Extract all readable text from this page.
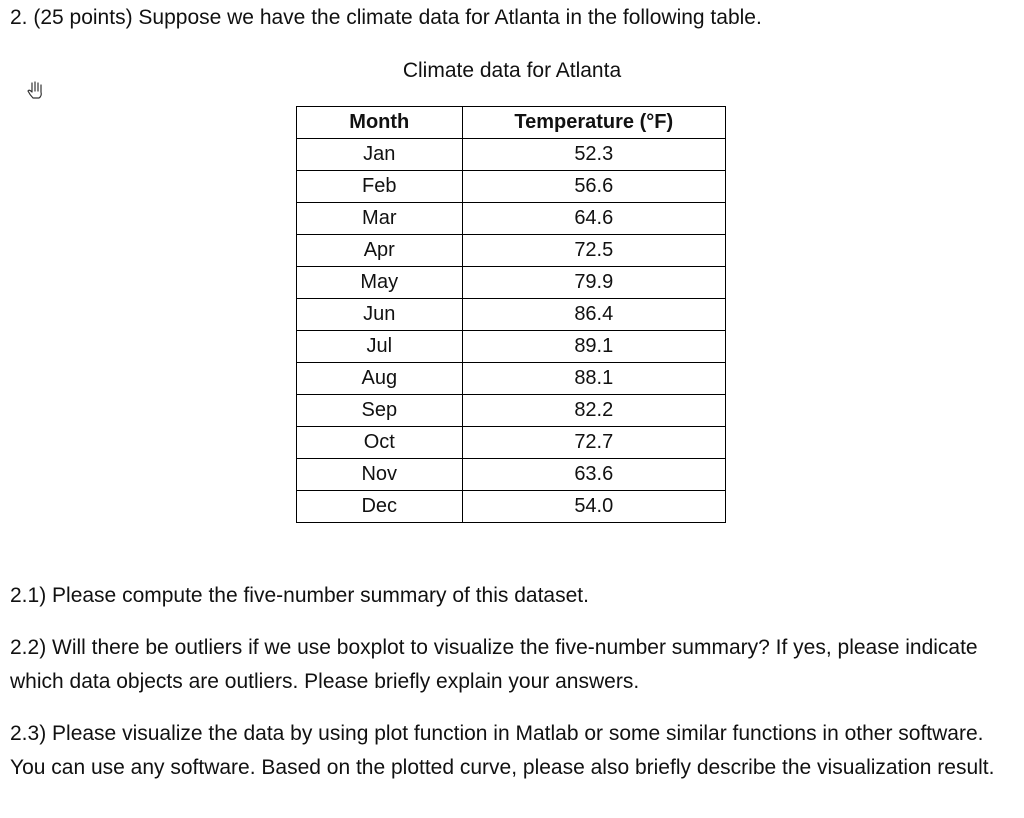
2. (25 points) Suppose we have the climate data for Atlanta in the following table.
Climate data for Atlanta
Month	Temperature (°F)
Jan	52.3
Feb	56.6
Mar	64.6
Apr	72.5
May	79.9
Jun	86.4
Jul	89.1
Aug	88.1
Sep	82.2
Oct	72.7
Nov	63.6
Dec	54.0
2.1) Please compute the five-number summary of this dataset.
2.2) Will there be outliers if we use boxplot to visualize the five-number summary? If yes, please indicate which data objects are outliers. Please briefly explain your answers.
2.3) Please visualize the data by using plot function in Matlab or some similar functions in other software. You can use any software. Based on the plotted curve, please also briefly describe the visualization result.
